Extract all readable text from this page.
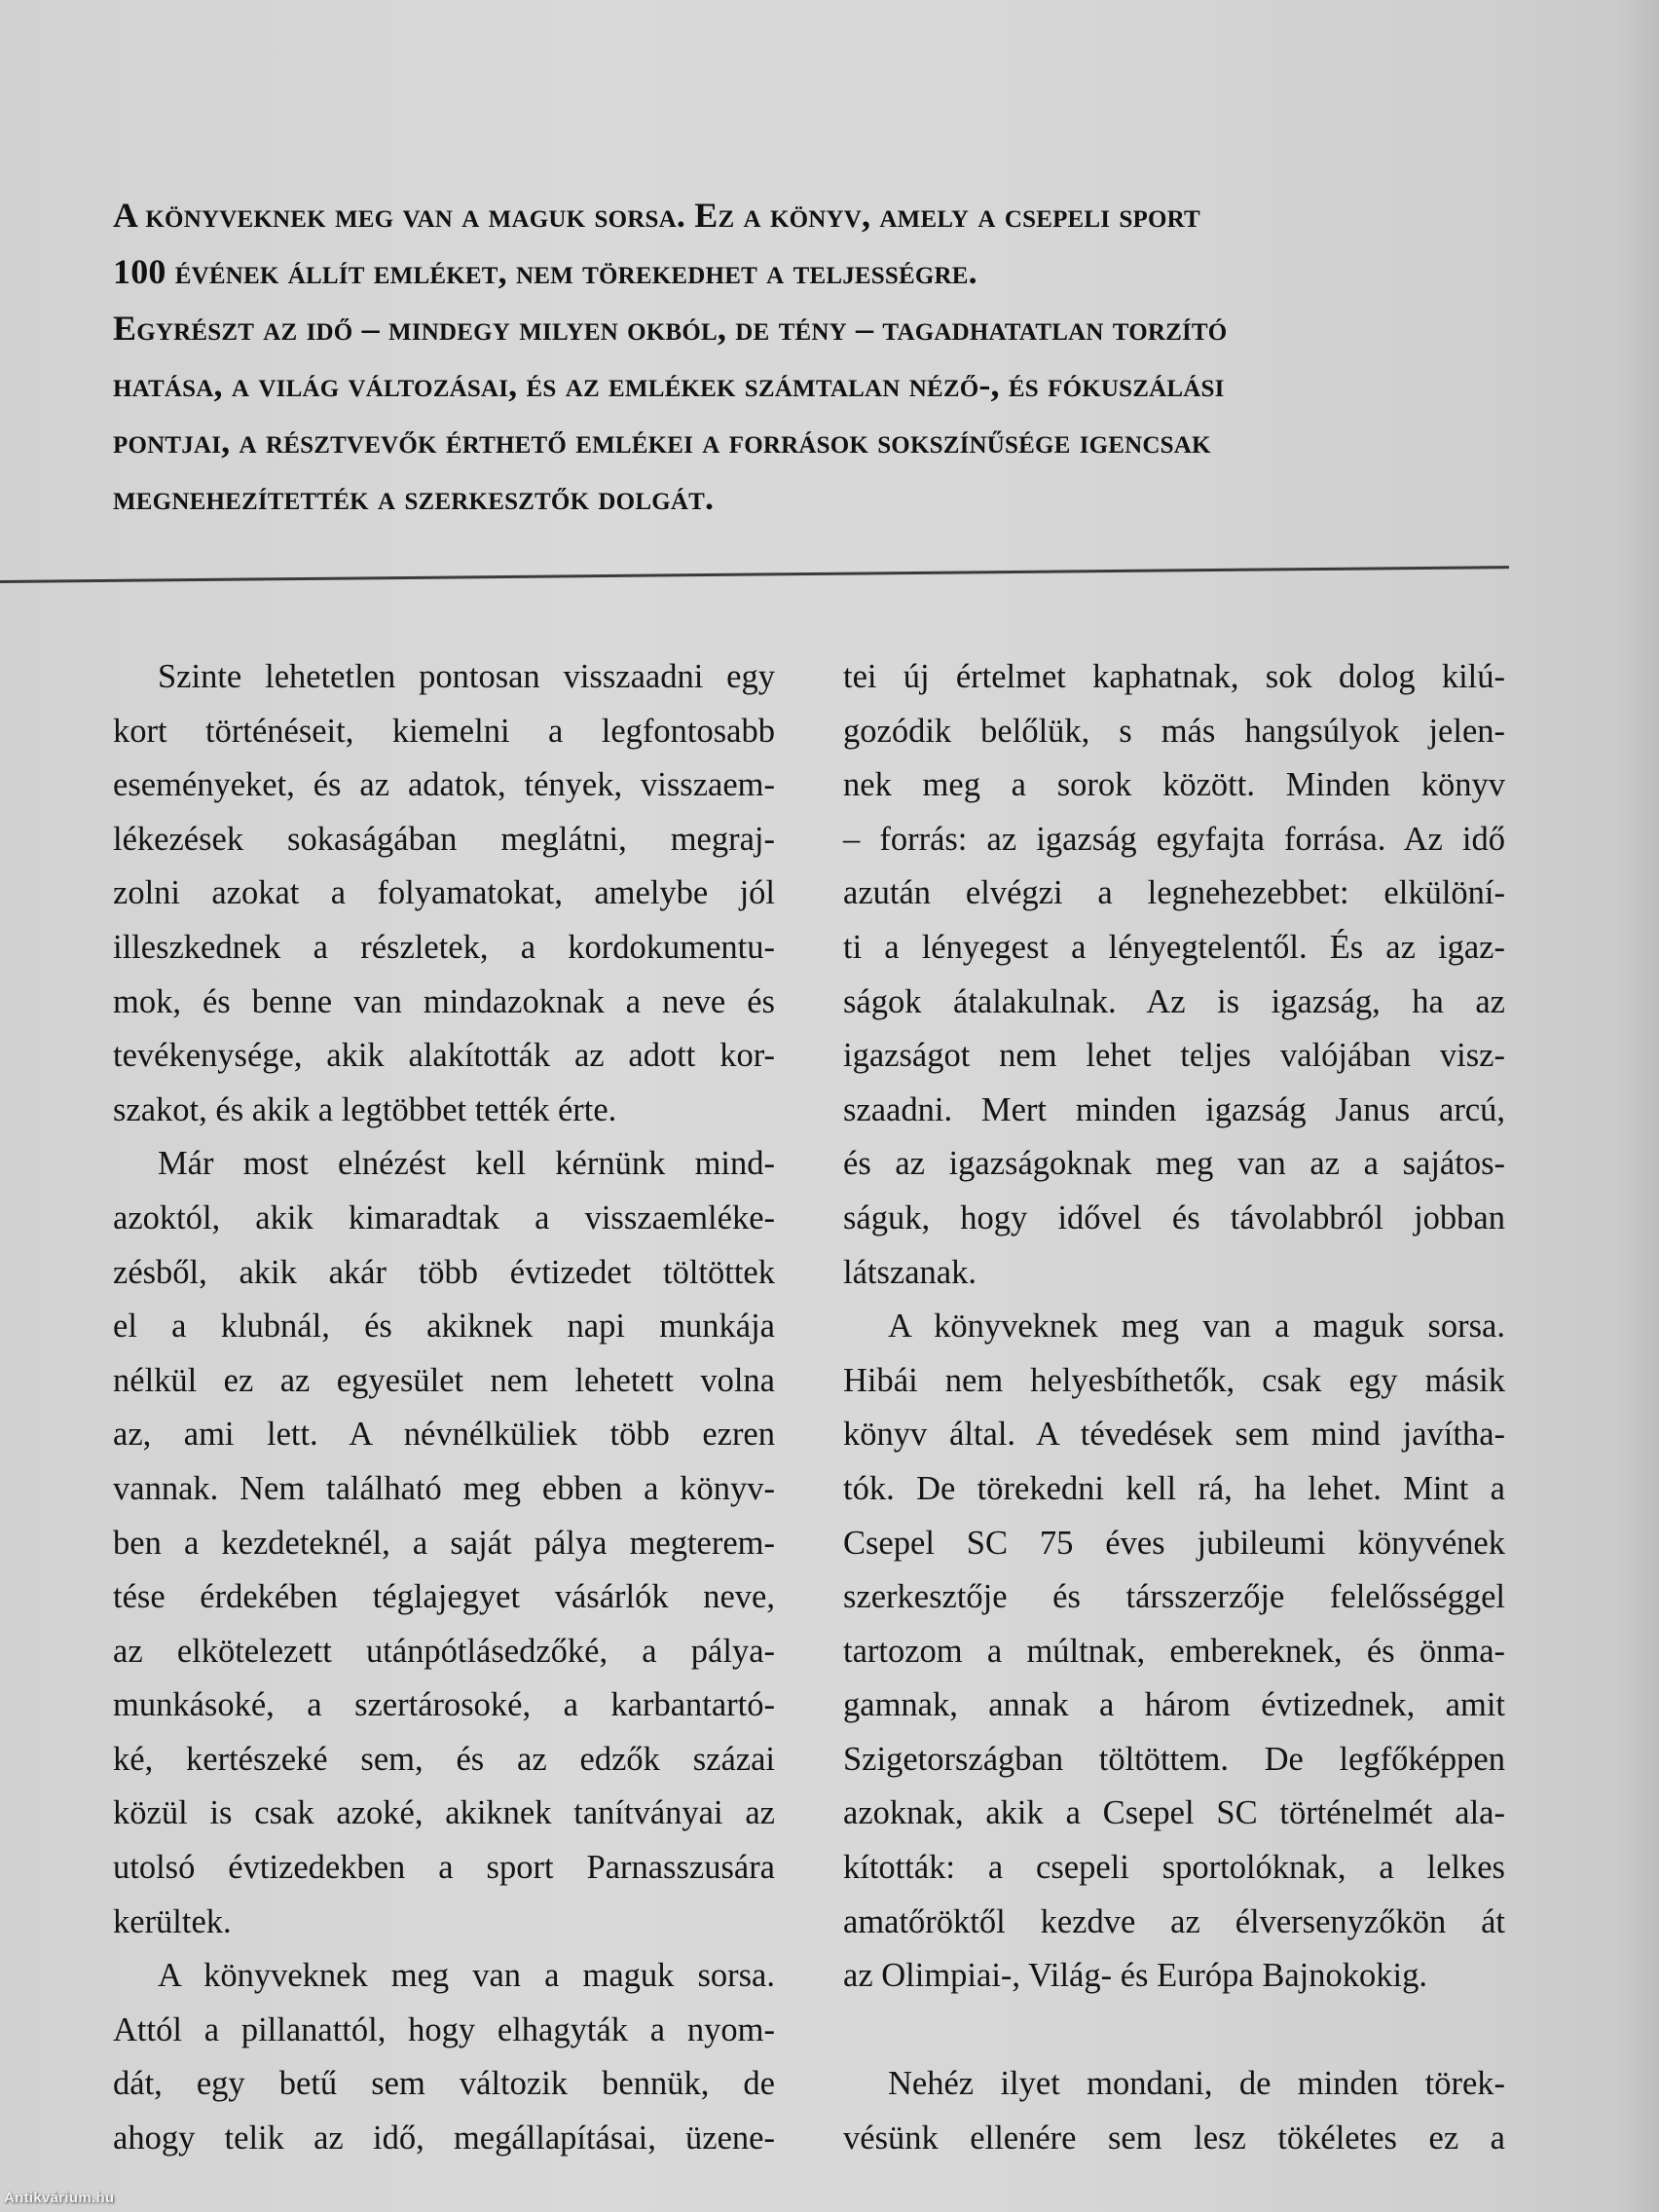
A könyveknek meg van a maguk sorsa. Ez a könyv, amely a csepeli sport
100 évének állít emléket, nem törekedhet a teljességre.
Egyrészt az idő – mindegy milyen okból, de tény – tagadhatatlan torzító
hatása, a világ változásai, és az emlékek számtalan néző-, és fókuszálási
pontjai, a résztvevők érthető emlékei a források sokszínűsége igencsak
megnehezítették a szerkesztők dolgát.
Szinte lehetetlen pontosan visszaadni egy
kort történéseit, kiemelni a legfontosabb
eseményeket, és az adatok, tények, visszaem-
lékezések sokaságában meglátni, megraj-
zolni azokat a folyamatokat, amelybe jól
illeszkednek a részletek, a kordokumentu-
mok, és benne van mindazoknak a neve és
tevékenysége, akik alakították az adott kor-
szakot, és akik a legtöbbet tették érte.
Már most elnézést kell kérnünk mind-
azoktól, akik kimaradtak a visszaemléke-
zésből, akik akár több évtizedet töltöttek
el a klubnál, és akiknek napi munkája
nélkül ez az egyesület nem lehetett volna
az, ami lett. A névnélküliek több ezren
vannak. Nem található meg ebben a könyv-
ben a kezdeteknél, a saját pálya megterem-
tése érdekében téglajegyet vásárlók neve,
az elkötelezett utánpótlásedzőké, a pálya-
munkásoké, a szertárosoké, a karbantartó-
ké, kertészeké sem, és az edzők százai
közül is csak azoké, akiknek tanítványai az
utolsó évtizedekben a sport Parnasszusára
kerültek.
A könyveknek meg van a maguk sorsa.
Attól a pillanattól, hogy elhagyták a nyom-
dát, egy betű sem változik bennük, de
ahogy telik az idő, megállapításai, üzene-
tei új értelmet kaphatnak, sok dolog kilú-
gozódik belőlük, s más hangsúlyok jelen-
nek meg a sorok között. Minden könyv
– forrás: az igazság egyfajta forrása. Az idő
azután elvégzi a legnehezebbet: elkülöní-
ti a lényegest a lényegtelentől. És az igaz-
ságok átalakulnak. Az is igazság, ha az
igazságot nem lehet teljes valójában visz-
szaadni. Mert minden igazság Janus arcú,
és az igazságoknak meg van az a sajátos-
ságuk, hogy idővel és távolabbról jobban
látszanak.
A könyveknek meg van a maguk sorsa.
Hibái nem helyesbíthetők, csak egy másik
könyv által. A tévedések sem mind javítha-
tók. De törekedni kell rá, ha lehet. Mint a
Csepel SC 75 éves jubileumi könyvének
szerkesztője és társszerzője felelősséggel
tartozom a múltnak, embereknek, és önma-
gamnak, annak a három évtizednek, amit
Szigetországban töltöttem. De legfőképpen
azoknak, akik a Csepel SC történelmét ala-
kították: a csepeli sportolóknak, a lelkes
amatőröktől kezdve az élversenyzőkön át
az Olimpiai-, Világ- és Európa Bajnokokig.
Nehéz ilyet mondani, de minden törek-
vésünk ellenére sem lesz tökéletes ez a
Antikvárium.hu
